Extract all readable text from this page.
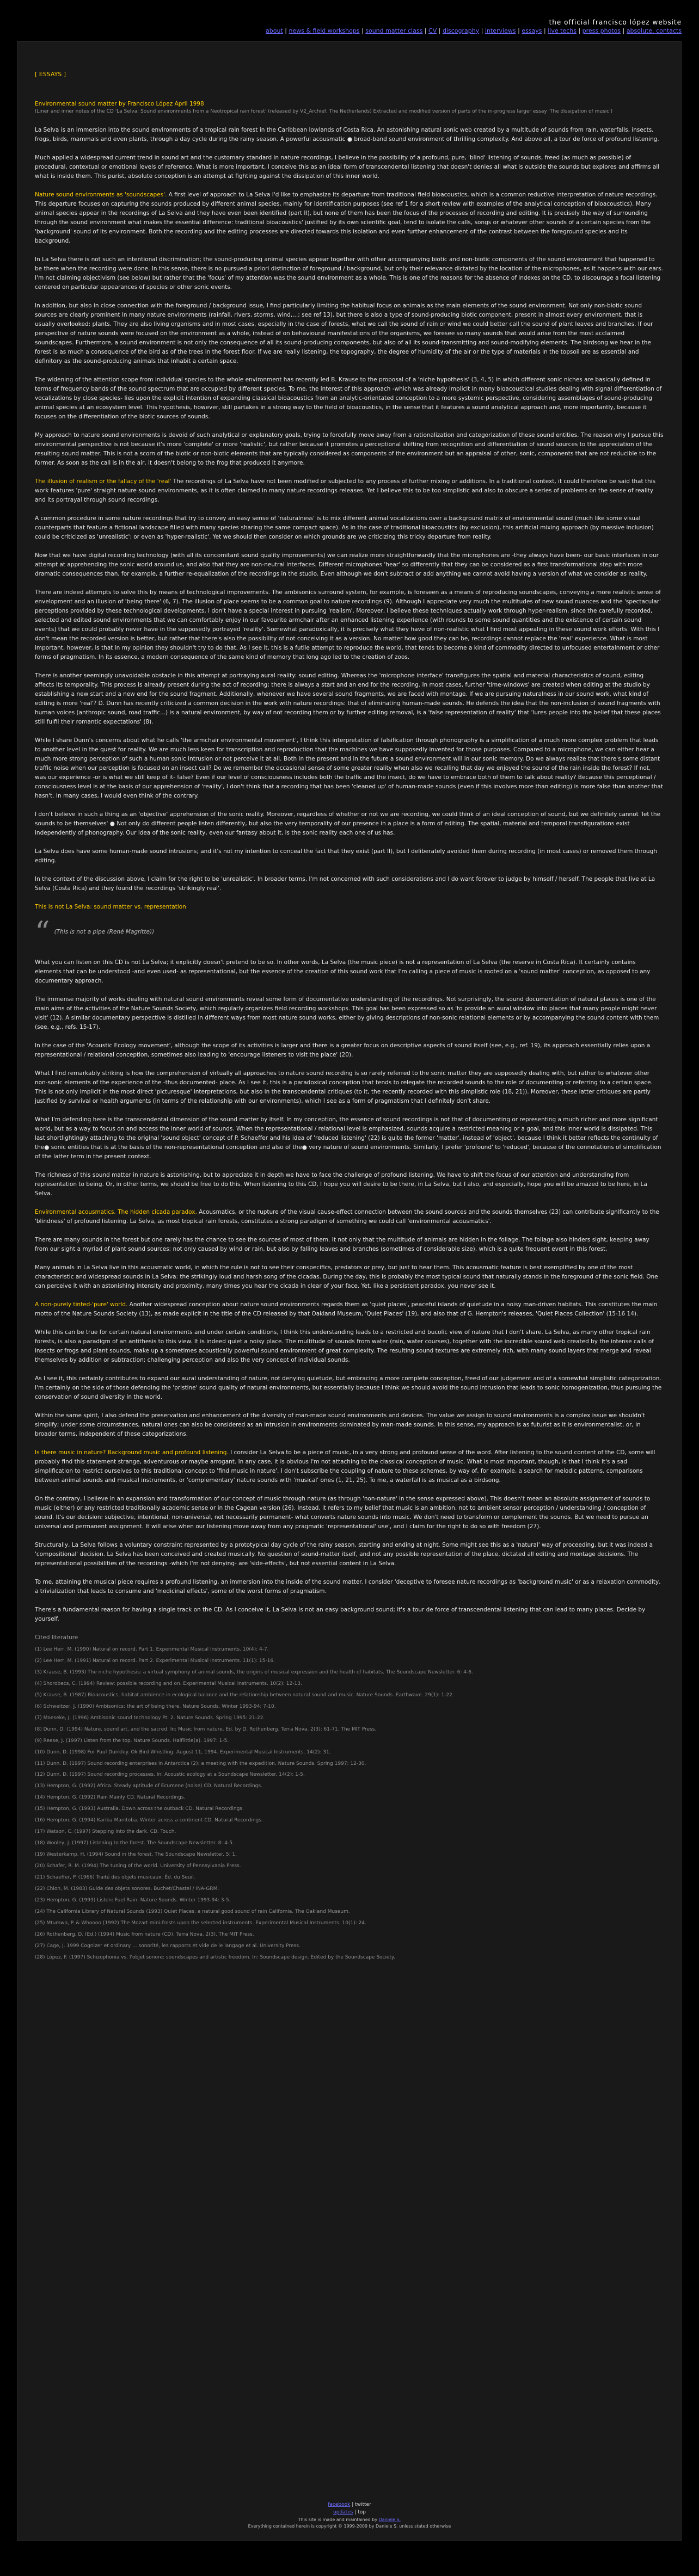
the official francisco lópez website
about | news & field workshops | sound matter class | CV | discography | interviews | essays | live techs | press photos | absolute. contacts
[ ESSAYS ]
Environmental sound matter by Francisco López April 1998
(Liner and inner notes of the CD 'La Selva: Sound environments from a Neotropical rain forest' (released by V2_Archief, The Netherlands) Extracted and modified version of parts of the in-progress larger essay 'The dissipation of music')

La Selva is an immersion into the sound environments of a tropical rain forest in the Caribbean lowlands of Costa Rica. An astonishing natural sonic web created by a multitude of sounds from rain, waterfalls, insects, frogs, birds, mammals and even plants, through a day cycle during the rainy season. A powerful acousmatic ● broad-band sound environment of thrilling complexity. And above all, a tour de force of profound listening.

Much applied a widespread current trend in sound art and the customary standard in nature recordings, I believe in the possibility of a profound, pure, 'blind' listening of sounds, freed (as much as possible) of procedural, contextual or emotional levels of reference. What is more important, I conceive this as an ideal form of transcendental listening that doesn't denies all what is outside the sounds but explores and affirms all what is inside them. This purist, absolute conception is an attempt at fighting against the dissipation of this inner world.

Nature sound environments as 'soundscapes'. A first level of approach to La Selva I'd like to emphasize its departure from traditional field bioacoustics, which is a common reductive interpretation of nature recordings. This departure focuses on capturing the sounds produced by different animal species, mainly for identification purposes (see ref 1 for a short review with examples of the analytical conception of bioacoustics). Many animal species appear in the recordings of La Selva and they have even been identified (part II), but none of them has been the focus of the processes of recording and editing. It is precisely the way of surrounding through the sound environment what makes the essential difference: traditional bioacoustics' justified by its own scientific goal, tend to isolate the calls, songs or whatever other sounds of a certain species from the 'background' sound of its environment. Both the recording and the editing processes are directed towards this isolation and even further enhancement of the contrast between the foreground species and its background.

In La Selva there is not such an intentional discrimination; the sound-producing animal species appear together with other accompanying biotic and non-biotic components of the sound environment that happened to be there when the recording were done. In this sense, there is no pursued a priori distinction of foreground / background, but only their relevance dictated by the location of the microphones, as it happens with our ears. I'm not claiming objectivism (see below) but rather that the 'focus' of my attention was the sound environment as a whole. This is one of the reasons for the absence of indexes on the CD, to discourage a focal listening centered on particular appearances of species or other sonic events.

In addition, but also in close connection with the foreground / background issue, I find particularly limiting the habitual focus on animals as the main elements of the sound environment. Not only non-biotic sound sources are clearly prominent in many nature environments (rainfall, rivers, storms, wind,...; see ref 13), but there is also a type of sound-producing biotic component, present in almost every environment, that is usually overlooked: plants. They are also living organisms and in most cases, especially in the case of forests, what we call the sound of rain or wind we could better call the sound of plant leaves and branches. If our perspective of nature sounds were focused on the environment as a whole, instead of on behavioural manifestations of the organisms, we foresee so many sounds that would arise from the most acclaimed soundscapes. Furthermore, a sound environment is not only the consequence of all its sound-producing components, but also of all its sound-transmitting and sound-modifying elements. The birdsong we hear in the forest is as much a consequence of the bird as of the trees in the forest floor. If we are really listening, the topography, the degree of humidity of the air or the type of materials in the topsoil are as essential and definitory as the sound-producing animals that inhabit a certain space.

The widening of the attention scope from individual species to the whole environment has recently led B. Krause to the proposal of a 'niche hypothesis' (3, 4, 5) in which different sonic niches are basically defined in terms of frequency bands of the sound spectrum that are occupied by different species. To me, the interest of this approach -which was already implicit in many bioacoustical studies dealing with signal differentiation of vocalizations by close species- lies upon the explicit intention of expanding classical bioacoustics from an analytic-orientated conception to a more systemic perspective, considering assemblages of sound-producing animal species at an ecosystem level. This hypothesis, however, still partakes in a strong way to the field of bioacoustics, in the sense that it features a sound analytical approach and, more importantly, because it focuses on the differentiation of the biotic sources of sounds.

My approach to nature sound environments is devoid of such analytical or explanatory goals, trying to forcefully move away from a rationalization and categorization of these sound entities. The reason why I pursue this environmental perspective is not because it's more 'complete' or more 'realistic', but rather because it promotes a perceptional shifting from recognition and differentiation of sound sources to the appreciation of the resulting sound matter. This is not a scorn of the biotic or non-biotic elements that are typically considered as components of the environment but an appraisal of other, sonic, components that are not reducible to the former. As soon as the call is in the air, it doesn't belong to the frog that produced it anymore.

The illusion of realism or the fallacy of the 'real' The recordings of La Selva have not been modified or subjected to any process of further mixing or additions. In a traditional context, it could therefore be said that this work features 'pure' straight nature sound environments, as it is often claimed in many nature recordings releases. Yet I believe this to be too simplistic and also to obscure a series of problems on the sense of reality and its portrayal through sound recordings.

A common procedure in some nature recordings that try to convey an easy sense of 'naturalness' is to mix different animal vocalizations over a background matrix of environmental sound (much like some visual counterparts that feature a fictional landscape filled with many species sharing the same compact space). As in the case of traditional bioacoustics (by exclusion), this artificial mixing approach (by massive inclusion) could be criticized as 'unrealistic': or even as 'hyper-realistic'. Yet we should then consider on which grounds are we criticizing this tricky departure from reality.

Now that we have digital recording technology (with all its concomitant sound quality improvements) we can realize more straightforwardly that the microphones are -they always have been- our basic interfaces in our attempt at apprehending the sonic world around us, and also that they are non-neutral interfaces. Different microphones 'hear' so differently that they can be considered as a first transformational step with more dramatic consequences than, for example, a further re-equalization of the recordings in the studio. Even although we don't subtract or add anything we cannot avoid having a version of what we consider as reality.

There are indeed attempts to solve this by means of technological improvements. The ambisonics surround system, for example, is foreseen as a means of reproducing soundscapes, conveying a more realistic sense of envelopment and an illusion of 'being there' (6, 7). The illusion of place seems to be a common goal to nature recordings (9). Although I appreciate very much the multitudes of new sound nuances and the 'spectacular' perceptions provided by these technological developments, I don't have a special interest in pursuing 'realism'. Moreover, I believe these techniques actually work through hyper-realism, since the carefully recorded, selected and edited sound environments that we can comfortably enjoy in our favourite armchair after an enhanced listening experience (with rounds to some sound quantities and the existence of certain sound events) that we could probably never have in the supposedly portrayed 'reality'. Somewhat paradoxically, it is precisely what they have of non-realistic what I find most appealing in these sound work efforts. With this I don't mean the recorded version is better, but rather that there's also the possibility of not conceiving it as a version. No matter how good they can be, recordings cannot replace the 'real' experience. What is most important, however, is that in my opinion they shouldn't try to do that. As I see it, this is a futile attempt to reproduce the world, that tends to become a kind of commodity directed to unfocused entertainment or other forms of pragmatism. In its essence, a modern consequence of the same kind of memory that long ago led to the creation of zoos.

There is another seemingly unavoidable obstacle in this attempt at portraying aural reality: sound editing. Whereas the 'microphone interface' transfigures the spatial and material characteristics of sound, editing affects its temporality. This process is already present during the act of recording; there is always a start and an end for the recording. In most cases, further 'time-windows' are created when editing at the studio by establishing a new start and a new end for the sound fragment. Additionally, whenever we have several sound fragments, we are faced with montage. If we are pursuing naturalness in our sound work, what kind of editing is more 'real'? D. Dunn has recently criticized a common decision in the work with nature recordings: that of eliminating human-made sounds. He defends the idea that the non-inclusion of sound fragments with human voices (anthropic sound, road traffic...) is a natural environment, by way of not recording them or by further editing removal, is a 'false representation of reality' that 'lures people into the belief that these places still fulfil their romantic expectations' (8).

While I share Dunn's concerns about what he calls 'the armchair environmental movement', I think this interpretation of falsification through phonography is a simplification of a much more complex problem that leads to another level in the quest for reality. We are much less keen for transcription and reproduction that the machines we have supposedly invented for those purposes. Compared to a microphone, we can either hear a much more strong perception of such a human sonic intrusion or not perceive it at all. Both in the present and in the future a sound environment will in our sonic memory. Do we always realize that there's some distant traffic noise when our perception is focused on an insect call? Do we remember the occasional sense of some greater reality when also we recalling that day we enjoyed the sound of the rain inside the forest? If not, was our experience -or is what we still keep of it- false? Even if our level of consciousness includes both the traffic and the insect, do we have to embrace both of them to talk about reality? Because this perceptional / consciousness level is at the basis of our apprehension of 'reality', I don't think that a recording that has been 'cleaned up' of human-made sounds (even if this involves more than editing) is more false than another that hasn't. In many cases, I would even think of the contrary.

I don't believe in such a thing as an 'objective' apprehension of the sonic reality. Moreover, regardless of whether or not we are recording, we could think of an ideal conception of sound, but we definitely cannot 'let the sounds to be themselves' ● Not only do different people listen differently, but also the very temporality of our presence in a place is a form of editing. The spatial, material and temporal transfigurations exist independently of phonography. Our idea of the sonic reality, even our fantasy about it, is the sonic reality each one of us has.

La Selva does have some human-made sound intrusions; and it's not my intention to conceal the fact that they exist (part II), but I deliberately avoided them during recording (in most cases) or removed them through editing.

In the context of the discussion above, I claim for the right to be 'unrealistic'. In broader terms, I'm not concerned with such considerations and I do want forever to judge by himself / herself. The people that live at La Selva (Costa Rica) and they found the recordings 'strikingly real'.

This is not La Selva: sound matter vs. representation
“ (This is not a pipe (René Magritte))

What you can listen on this CD is not La Selva; it explicitly doesn't pretend to be so. In other words, La Selva (the music piece) is not a representation of La Selva (the reserve in Costa Rica). It certainly contains elements that can be understood -and even used- as representational, but the essence of the creation of this sound work that I'm calling a piece of music is rooted on a 'sound matter' conception, as opposed to any documentary approach.

The immense majority of works dealing with natural sound environments reveal some form of documentative understanding of the recordings. Not surprisingly, the sound documentation of natural places is one of the main aims of the activities of the Nature Sounds Society, which regularly organizes field recording workshops. This goal has been expressed so as 'to provide an aural window into places that many people might never visit' (12). A similar documentary perspective is distilled in different ways from most nature sound works, either by giving descriptions of non-sonic relational elements or by accompanying the sound content with them (see, e.g., refs. 15-17).

In the case of the 'Acoustic Ecology movement', although the scope of its activities is larger and there is a greater focus on descriptive aspects of sound itself (see, e.g., ref. 19), its approach essentially relies upon a representational / relational conception, sometimes also leading to 'encourage listeners to visit the place' (20).

What I find remarkably striking is how the comprehension of virtually all approaches to nature sound recording is so rarely referred to the sonic matter they are supposedly dealing with, but rather to whatever other non-sonic elements of the experience of the -thus documented- place. As I see it, this is a paradoxical conception that tends to relegate the recorded sounds to the role of documenting or referring to a certain space. This is not only implicit in the most direct 'picturesque' interpretations, but also in the transcendental critiques (to it, the recently recorded with this simplistic role (18, 21)). Moreover, these latter critiques are partly justified by survival or health arguments (in terms of the relationship with our environments), which I see as a form of pragmatism that I definitely don't share.

What I'm defending here is the transcendental dimension of the sound matter by itself. In my conception, the essence of sound recordings is not that of documenting or representing a much richer and more significant world, but as a way to focus on and access the inner world of sounds. When the representational / relational level is emphasized, sounds acquire a restricted meaning or a goal, and this inner world is dissipated. This last shortlightingly attaching to the original 'sound object' concept of P. Schaeffer and his idea of 'reduced listening' (22) is quite the former 'matter', instead of 'object', because I think it better reflects the continuity of the● sonic entities that is at the basis of the non-representational conception and also of the● very nature of sound environments. Similarly, I prefer 'profound' to 'reduced', because of the connotations of simplification of the latter term in the present context.

The richness of this sound matter in nature is astonishing, but to appreciate it in depth we have to face the challenge of profound listening. We have to shift the focus of our attention and understanding from representation to being. Or, in other terms, we should be free to do this. When listening to this CD, I hope you will desire to be there, in La Selva, but I also, and especially, hope you will be amazed to be here, in La Selva.

Environmental acousmatics. The hidden cicada paradox. Acousmatics, or the rupture of the visual cause-effect connection between the sound sources and the sounds themselves (23) can contribute significantly to the 'blindness' of profound listening. La Selva, as most tropical rain forests, constitutes a strong paradigm of something we could call 'environmental acousmatics'.

There are many sounds in the forest but one rarely has the chance to see the sources of most of them. It not only that the multitude of animals are hidden in the foliage. The foliage also hinders sight, keeping away from our sight a myriad of plant sound sources; not only caused by wind or rain, but also by falling leaves and branches (sometimes of considerable size), which is a quite frequent event in this forest.

Many animals in La Selva live in this acousmatic world, in which the rule is not to see their conspecifics, predators or prey, but just to hear them. This acousmatic feature is best exemplified by one of the most characteristic and widespread sounds in La Selva: the strikingly loud and harsh song of the cicadas. During the day, this is probably the most typical sound that naturally stands in the foreground of the sonic field. One can perceive it with an astonishing intensity and proximity, many times you hear the cicada in clear of your face. Yet, like a persistent paradox, you never see it.

A non-purely tinted-'pure' world. Another widespread conception about nature sound environments regards them as 'quiet places', peaceful islands of quietude in a noisy man-driven habitats. This constitutes the main motto of the Nature Sounds Society (13), as made explicit in the title of the CD released by that Oakland Museum, 'Quiet Places' (19), and also that of G. Hempton's releases, 'Quiet Places Collection' (15-16 14).

While this can be true for certain natural environments and under certain conditions, I think this understanding leads to a restricted and bucolic view of nature that I don't share. La Selva, as many other tropical rain forests, is also a paradigm of an antithesis to this view. It is indeed quiet a noisy place. The multitude of sounds from water (rain, water courses), together with the incredible sound web created by the intense calls of insects or frogs and plant sounds, make up a sometimes acoustically powerful sound environment of great complexity. The resulting sound textures are extremely rich, with many sound layers that merge and reveal themselves by addition or subtraction; challenging perception and also the very concept of individual sounds.

As I see it, this certainly contributes to expand our aural understanding of nature, not denying quietude, but embracing a more complete conception, freed of our judgement and of a somewhat simplistic categorization. I'm certainly on the side of those defending the 'pristine' sound quality of natural environments, but essentially because I think we should avoid the sound intrusion that leads to sonic homogenization, thus pursuing the conservation of sound diversity in the world.

Within the same spirit, I also defend the preservation and enhancement of the diversity of man-made sound environments and devices. The value we assign to sound environments is a complex issue we shouldn't simplify; under some circumstances, natural ones can also be considered as an intrusion in environments dominated by man-made sounds. In this sense, my approach is as futurist as it is environmentalist, or, in broader terms, independent of these categorizations.

Is there music in nature? Background music and profound listening. I consider La Selva to be a piece of music, in a very strong and profound sense of the word. After listening to the sound content of the CD, some will probably find this statement strange, adventurous or maybe arrogant. In any case, it is obvious I'm not attaching to the classical conception of music. What is most important, though, is that I think it's a sad simplification to restrict ourselves to this traditional concept to 'find music in nature'. I don't subscribe the coupling of nature to these schemes, by way of, for example, a search for melodic patterns, comparisons between animal sounds and musical instruments, or 'complementary' nature sounds with 'musical' ones (1, 21, 25). To me, a waterfall is as musical as a birdsong.

On the contrary, I believe in an expansion and transformation of our concept of music through nature (as through 'non-nature' in the sense expressed above). This doesn't mean an absolute assignment of sounds to music (either) or any restricted traditionally academic sense or in the Cagean version (26). Instead, it refers to my belief that music is an ambition, not to ambient sensor perception / understanding / conception of sound. It's our decision: subjective, intentional, non-universal, not necessarily permanent- what converts nature sounds into music. We don't need to transform or complement the sounds. But we need to pursue an universal and permanent assignment. It will arise when our listening move away from any pragmatic 'representational' use', and I claim for the right to do so with freedom (27).

Structurally, La Selva follows a voluntary constraint represented by a prototypical day cycle of the rainy season, starting and ending at night. Some might see this as a 'natural' way of proceeding, but it was indeed a 'compositional' decision. La Selva has been conceived and created musically. No question of sound-matter itself, and not any possible representation of the place, dictated all editing and montage decisions. The representational possibilities of the recordings -which I'm not denying- are 'side-effects', but not essential content in La Selva.

To me, attaining the musical piece requires a profound listening, an immersion into the inside of the sound matter. I consider 'deceptive to foresee nature recordings as 'background music' or as a relaxation commodity, a trivialization that leads to consume and 'medicinal effects', some of the worst forms of pragmatism.

There's a fundamental reason for having a single track on the CD. As I conceive it, La Selva is not an easy background sound; it's a tour de force of transcendental listening that can lead to many places. Decide by yourself.

Cited literature
(1) Lee Herr, M. (1990) Natural on record. Part 1. Experimental Musical Instruments. 10(4): 4-7.
(2) Lee Herr, M. (1991) Natural on record. Part 2. Experimental Musical Instruments. 11(1): 15-16.
(3) Krause, B. (1993) The niche hypothesis: a virtual symphony of animal sounds, the origins of musical expression and the health of habitats. The Soundscape Newsletter. 6: 4-6.
(4) Shorobecs, C. (1994) Review: possible recording and on. Experimental Musical Instruments. 10(2): 12-13.
(5) Krause, B. (1987) Bioacoustics, habitat ambience in ecological balance and the relationship between natural sound and music. Nature Sounds. Earthwave. 29(1): 1-22.
(6) Schweitzer, J. (1990) Ambisonics: the art of being there. Nature Sounds. Winter 1993-94: 7-10.
(7) Moeseke, J. (1996) Ambisonic sound technology Pt. 2. Nature Sounds. Spring 1995: 21-22.
(8) Dunn, D. (1994) Nature, sound art, and the sacred. In: Music from nature. Ed. by D. Rothenberg. Terra Nova. 2(3): 61-71. The MIT Press.
(9) Reese, J. (1997) Listen from the top. Nature Sounds. Halflittle(a). 1997: 1-5.
(10) Dunn, D. (1998) For Paul Dunkley. Ok Bird Whistling. August 11, 1994. Experimental Musical Instruments. 14(2): 31.
(11) Dunn, D. (1997) Sound recording enterprises in Antarctica (2): a meeting with the expedition. Nature Sounds. Spring 1997: 12-30.
(12) Dunn, D. (1997) Sound recording processes. In: Acoustic ecology at a Soundscape Newsletter. 14(2): 1-5.
(13) Hempton, G. (1992) Africa. Steady aptitude of Ecumene (noise) CD. Natural Recordings.
(14) Hempton, G. (1992) Rain Mainly CD. Natural Recordings.
(15) Hempton, G. (1993) Australia. Down across the outback CD. Natural Recordings.
(16) Hempton, G. (1994) Kariba Manitoba. Winter across a continent CD. Natural Recordings.
(17) Watson, C. (1997) Stepping into the dark. CD. Touch.
(18) Wooley, J. (1997) Listening to the forest. The Soundscape Newsletter. 8: 4-5.
(19) Westerkamp, H. (1994) Sound in the forest. The Soundscape Newsletter. 5: 1.
(20) Schafer, R. M. (1994) The tuning of the world. University of Pennsylvania Press.
(21) Schaeffer, P. (1966) Traité des objets musicaux. Éd. du Seuil.
(22) Chion, M. (1983) Guide des objets sonores. Buchet/Chastel / INA-GRM.
(23) Hempton, G. (1993) Listen: Fuel Rain. Nature Sounds. Winter 1993-94: 3-5.
(24) The California Library of Natural Sounds (1993) Quiet Places: a natural good sound of rain California. The Oakland Museum.
(25) Mtumwo, P. & Whoooo (1992) The Mozart mini-frosts upon the selected instruments. Experimental Musical Instruments. 10(1): 24.
(26) Rothenberg, D. (Ed.) (1994) Music from nature (CD). Terra Nova. 2(3). The MIT Press.
(27) Cage, J. 1999 Cognizer et ordinary ... sonorité, les rapports et vide de le langage et al. University Press.
(28) López, F. (1997) Schizophonia vs. l'objet sonore: soundscapes and artistic freedom. In: Soundscape design. Edited by the Soundscape Society.
facebook | twitter
updates | top
This site is made and maintained by Daniele S.
Everything contained herein is copyright © 1999-2009 by Daniele S. unless stated otherwise
